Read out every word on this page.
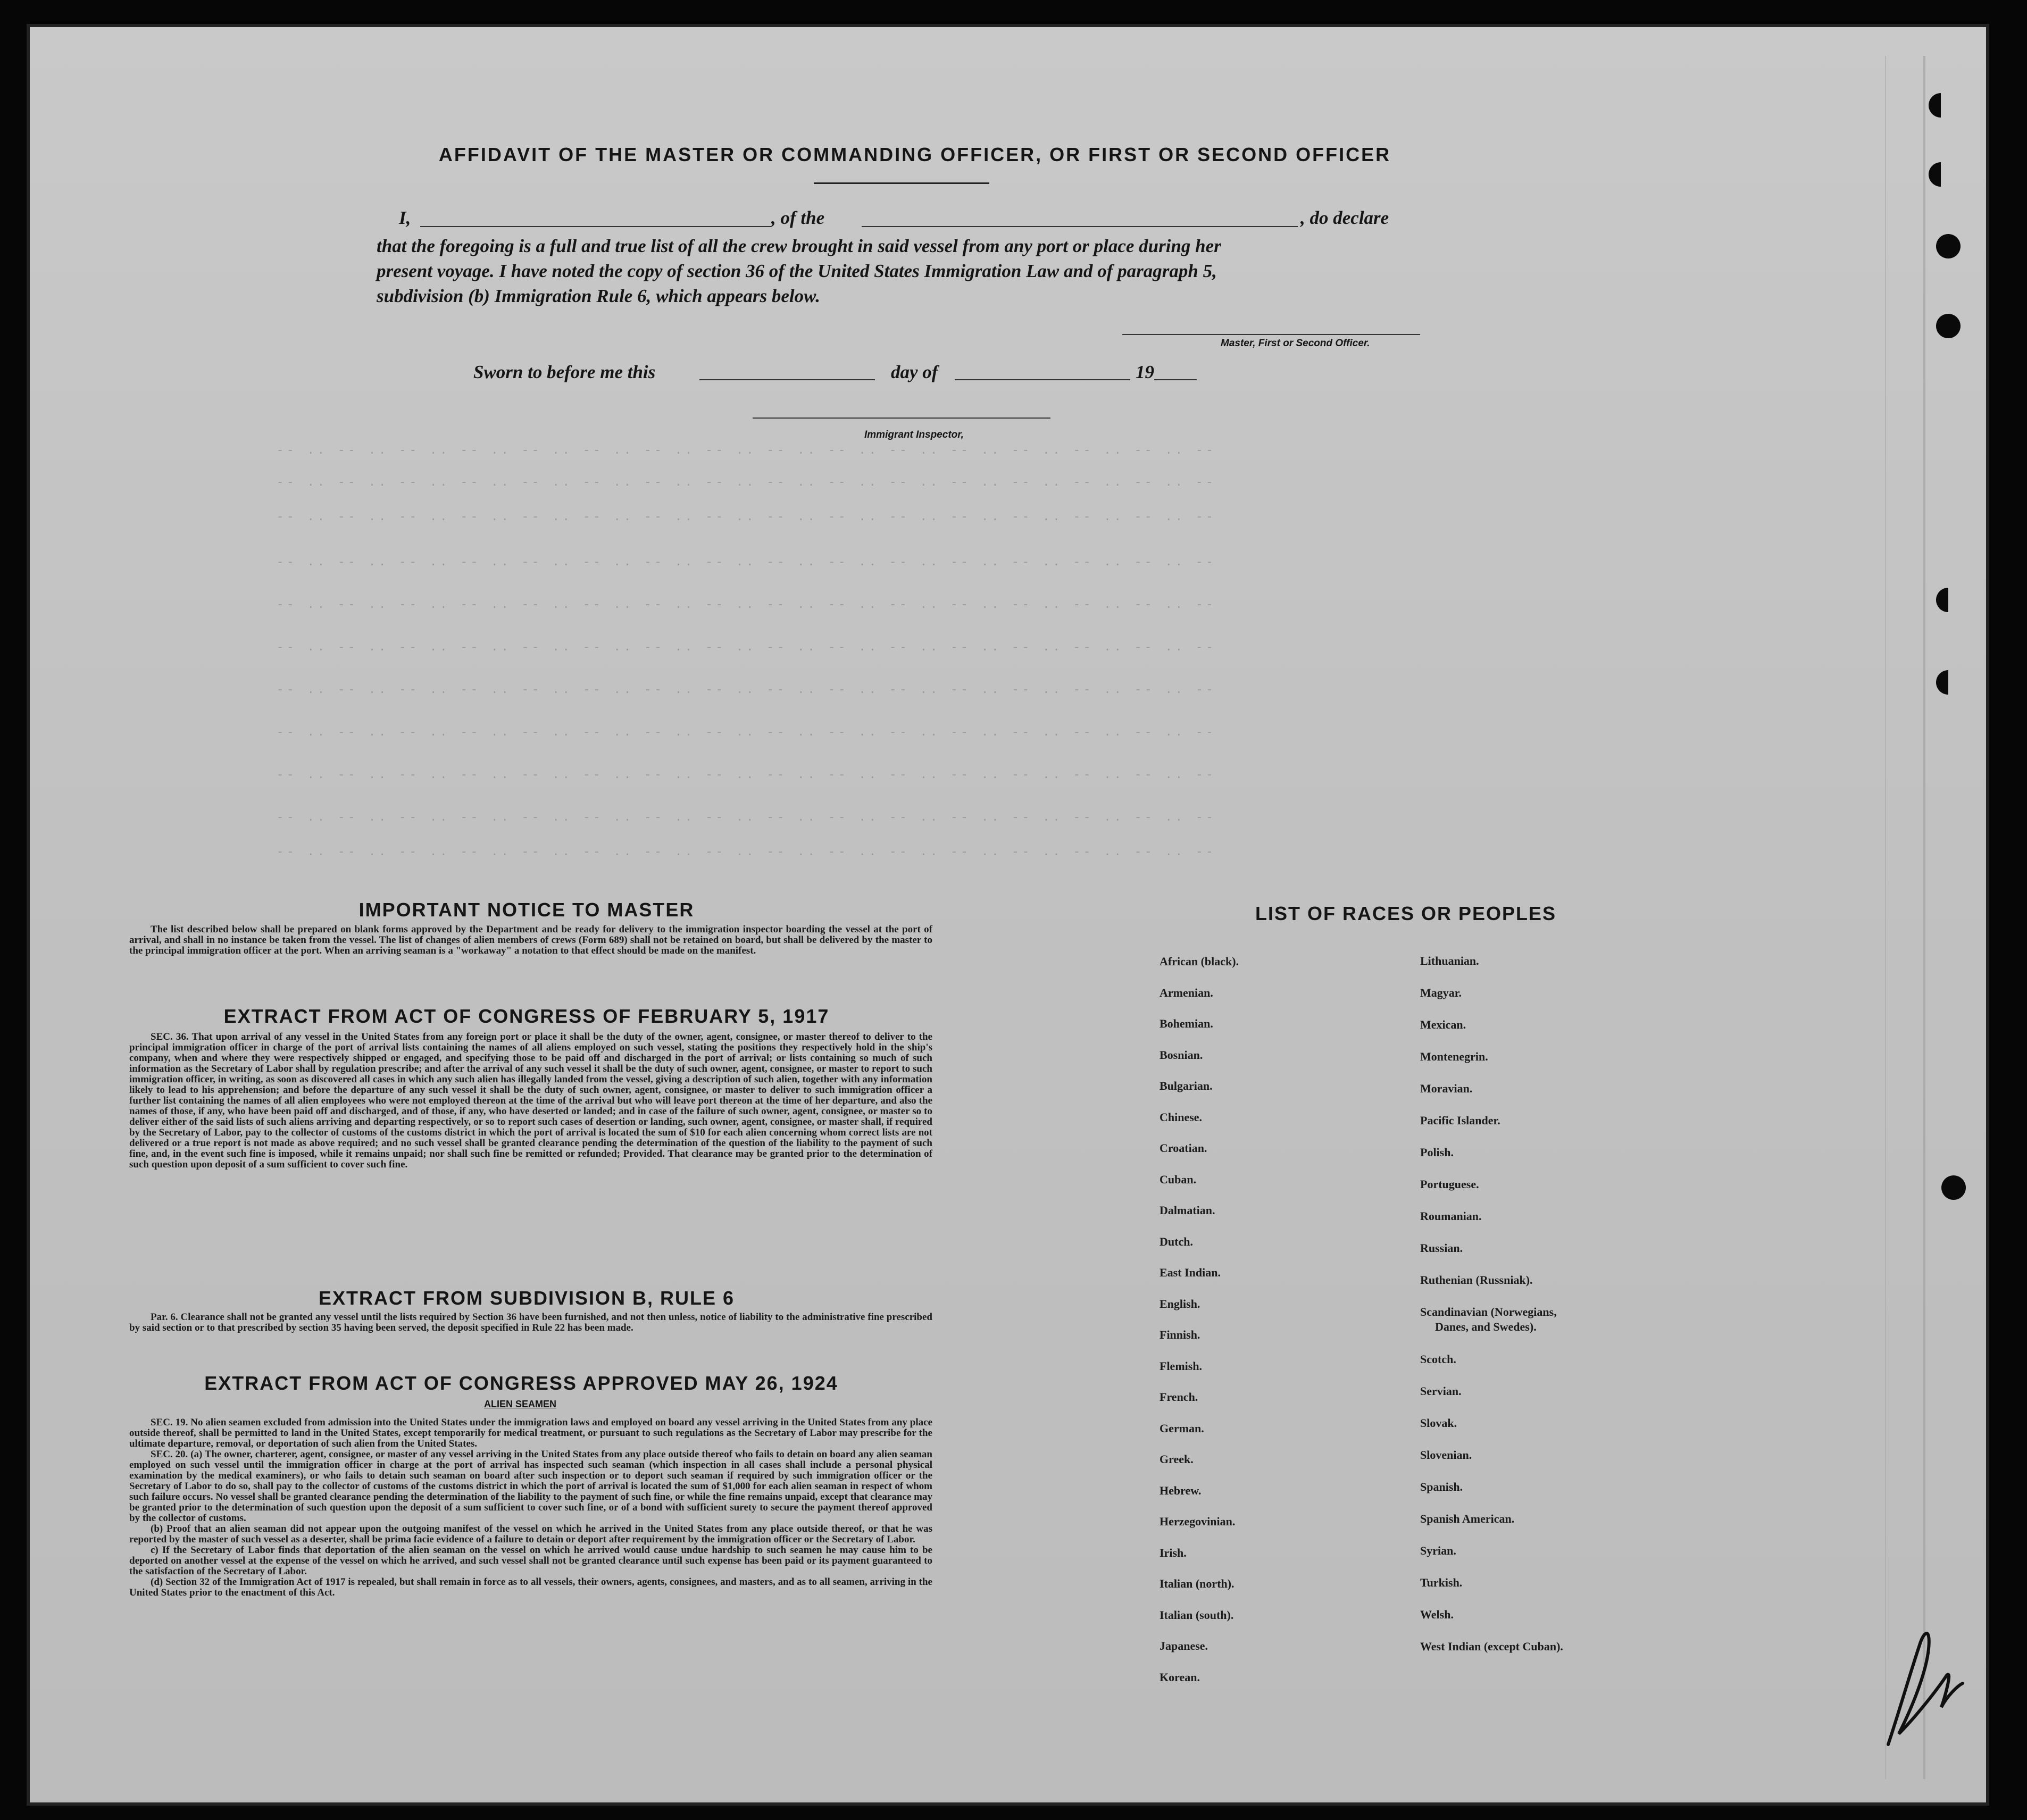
-- .. -- .. -- .. -- .. -- .. -- .. -- .. -- .. -- .. -- .. -- .. -- .. -- .. -- .. -- .. --
-- .. -- .. -- .. -- .. -- .. -- .. -- .. -- .. -- .. -- .. -- .. -- .. -- .. -- .. -- .. --
-- .. -- .. -- .. -- .. -- .. -- .. -- .. -- .. -- .. -- .. -- .. -- .. -- .. -- .. -- .. --
-- .. -- .. -- .. -- .. -- .. -- .. -- .. -- .. -- .. -- .. -- .. -- .. -- .. -- .. -- .. --
-- .. -- .. -- .. -- .. -- .. -- .. -- .. -- .. -- .. -- .. -- .. -- .. -- .. -- .. -- .. --
-- .. -- .. -- .. -- .. -- .. -- .. -- .. -- .. -- .. -- .. -- .. -- .. -- .. -- .. -- .. --
-- .. -- .. -- .. -- .. -- .. -- .. -- .. -- .. -- .. -- .. -- .. -- .. -- .. -- .. -- .. --
-- .. -- .. -- .. -- .. -- .. -- .. -- .. -- .. -- .. -- .. -- .. -- .. -- .. -- .. -- .. --
-- .. -- .. -- .. -- .. -- .. -- .. -- .. -- .. -- .. -- .. -- .. -- .. -- .. -- .. -- .. --
-- .. -- .. -- .. -- .. -- .. -- .. -- .. -- .. -- .. -- .. -- .. -- .. -- .. -- .. -- .. --
-- .. -- .. -- .. -- .. -- .. -- .. -- .. -- .. -- .. -- .. -- .. -- .. -- .. -- .. -- .. --
AFFIDAVIT OF THE MASTER OR COMMANDING OFFICER, OR FIRST OR SECOND OFFICER
I,	, of the	, do declare
that the foregoing is a full and true list of all the crew brought in said vessel from any port or place during her
present voyage. I have noted the copy of section 36 of the United States Immigration Law and of paragraph 5,
subdivision (b) Immigration Rule 6, which appears below.
Master, First or Second Officer.
Sworn to before me this	day of	19
Immigrant Inspector,
IMPORTANT NOTICE TO MASTER

The list described below shall be prepared on blank forms approved by the Department and be ready for delivery to the immigration inspector boarding the vessel at the port of arrival, and shall in no instance be taken from the vessel. The list of changes of alien members of crews (Form 689) shall not be retained on board, but shall be delivered by the master to the principal immigration officer at the port. When an arriving seaman is a "workaway" a notation to that effect should be made on the manifest.

EXTRACT FROM ACT OF CONGRESS OF FEBRUARY 5, 1917

SEC. 36. That upon arrival of any vessel in the United States from any foreign port or place it shall be the duty of the owner, agent, consignee, or master thereof to deliver to the principal immigration officer in charge of the port of arrival lists containing the names of all aliens employed on such vessel, stating the positions they respectively hold in the ship's company, when and where they were respectively shipped or engaged, and specifying those to be paid off and discharged in the port of arrival; or lists containing so much of such information as the Secretary of Labor shall by regulation prescribe; and after the arrival of any such vessel it shall be the duty of such owner, agent, consignee, or master to report to such immigration officer, in writing, as soon as discovered all cases in which any such alien has illegally landed from the vessel, giving a description of such alien, together with any information likely to lead to his apprehension; and before the departure of any such vessel it shall be the duty of such owner, agent, consignee, or master to deliver to such immigration officer a further list containing the names of all alien employees who were not employed thereon at the time of the arrival but who will leave port thereon at the time of her departure, and also the names of those, if any, who have been paid off and discharged, and of those, if any, who have deserted or landed; and in case of the failure of such owner, agent, consignee, or master so to deliver either of the said lists of such aliens arriving and departing respectively, or so to report such cases of desertion or landing, such owner, agent, consignee, or master shall, if required by the Secretary of Labor, pay to the collector of customs of the customs district in which the port of arrival is located the sum of $10 for each alien concerning whom correct lists are not delivered or a true report is not made as above required; and no such vessel shall be granted clearance pending the determination of the question of the liability to the payment of such fine, and, in the event such fine is imposed, while it remains unpaid; nor shall such fine be remitted or refunded; Provided. That clearance may be granted prior to the determination of such question upon deposit of a sum sufficient to cover such fine.

EXTRACT FROM SUBDIVISION B, RULE 6

Par. 6. Clearance shall not be granted any vessel until the lists required by Section 36 have been furnished, and not then unless, notice of liability to the administrative fine prescribed by said section or to that prescribed by section 35 having been served, the deposit specified in Rule 22 has been made.

EXTRACT FROM ACT OF CONGRESS APPROVED MAY 26, 1924
ALIEN SEAMEN

SEC. 19. No alien seamen excluded from admission into the United States under the immigration laws and employed on board any vessel arriving in the United States from any place outside thereof, shall be permitted to land in the United States, except temporarily for medical treatment, or pursuant to such regulations as the Secretary of Labor may prescribe for the ultimate departure, removal, or deportation of such alien from the United States.

SEC. 20. (a) The owner, charterer, agent, consignee, or master of any vessel arriving in the United States from any place outside thereof who fails to detain on board any alien seaman employed on such vessel until the immigration officer in charge at the port of arrival has inspected such seaman (which inspection in all cases shall include a personal physical examination by the medical examiners), or who fails to detain such seaman on board after such inspection or to deport such seaman if required by such immigration officer or the Secretary of Labor to do so, shall pay to the collector of customs of the customs district in which the port of arrival is located the sum of $1,000 for each alien seaman in respect of whom such failure occurs. No vessel shall be granted clearance pending the determination of the liability to the payment of such fine, or while the fine remains unpaid, except that clearance may be granted prior to the determination of such question upon the deposit of a sum sufficient to cover such fine, or of a bond with sufficient surety to secure the payment thereof approved by the collector of customs.

(b) Proof that an alien seaman did not appear upon the outgoing manifest of the vessel on which he arrived in the United States from any place outside thereof, or that he was reported by the master of such vessel as a deserter, shall be prima facie evidence of a failure to detain or deport after requirement by the immigration officer or the Secretary of Labor.

c) If the Secretary of Labor finds that deportation of the alien seaman on the vessel on which he arrived would cause undue hardship to such seamen he may cause him to be deported on another vessel at the expense of the vessel on which he arrived, and such vessel shall not be granted clearance until such expense has been paid or its payment guaranteed to the satisfaction of the Secretary of Labor.

(d) Section 32 of the Immigration Act of 1917 is repealed, but shall remain in force as to all vessels, their owners, agents, consignees, and masters, and as to all seamen, arriving in the United States prior to the enactment of this Act.

LIST OF RACES OR PEOPLES
African (black).
Armenian.
Bohemian.
Bosnian.
Bulgarian.
Chinese.
Croatian.
Cuban.
Dalmatian.
Dutch.
East Indian.
English.
Finnish.
Flemish.
French.
German.
Greek.
Hebrew.
Herzegovinian.
Irish.
Italian (north).
Italian (south).
Japanese.
Korean.
Lithuanian.
Magyar.
Mexican.
Montenegrin.
Moravian.
Pacific Islander.
Polish.
Portuguese.
Roumanian.
Russian.
Ruthenian (Russniak).
Scandinavian (Norwegians,
Danes, and Swedes).
Scotch.
Servian.
Slovak.
Slovenian.
Spanish.
Spanish American.
Syrian.
Turkish.
Welsh.
West Indian (except Cuban).
